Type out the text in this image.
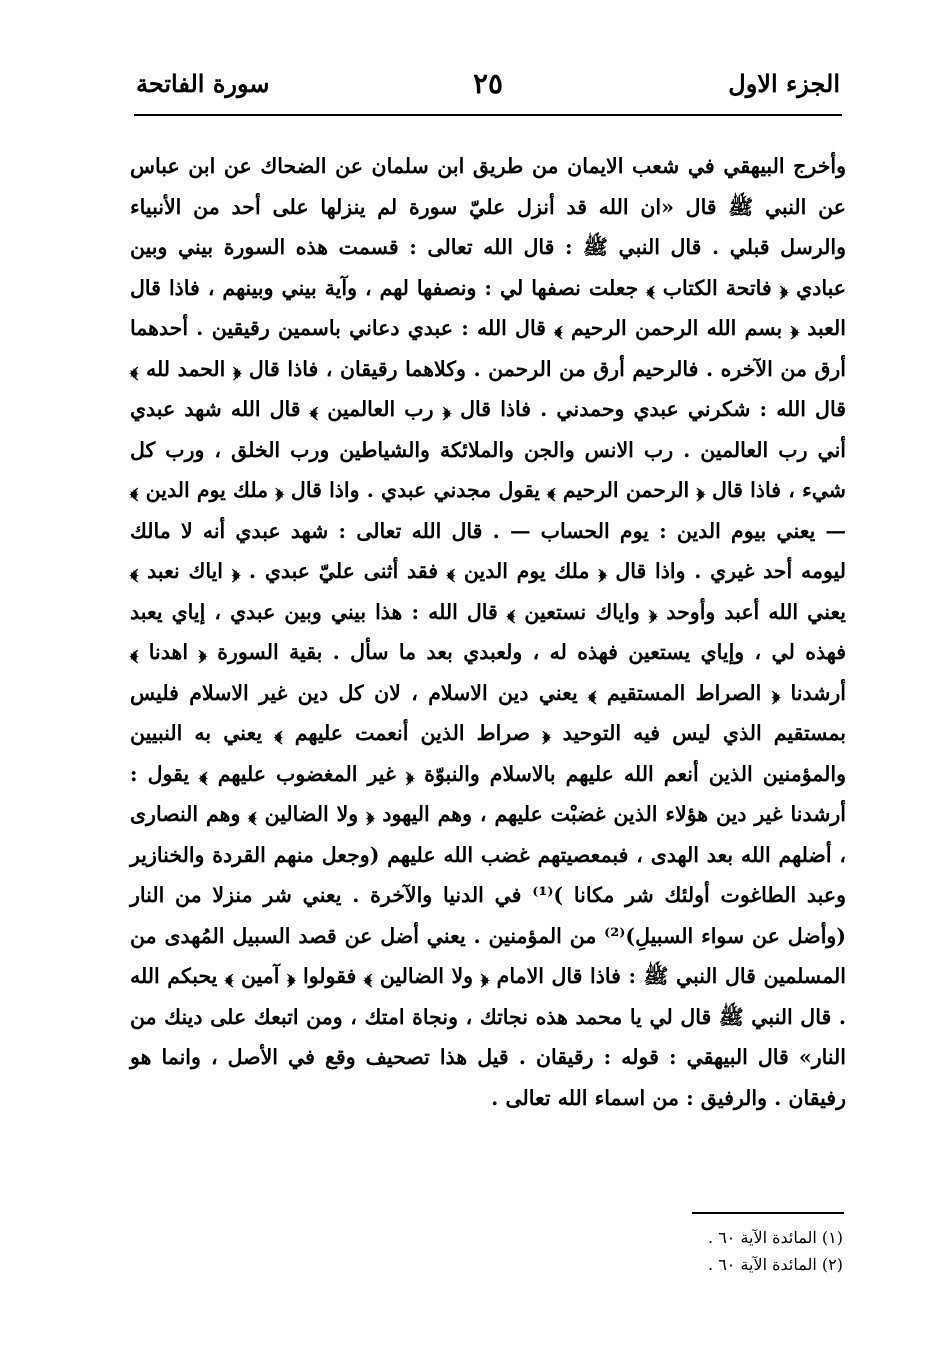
الجزء الاول
٢٥
سورة الفاتحة

وأخرج البيهقي في شعب الايمان من طريق ابن سلمان عن الضحاك عن ابن عباس عن النبي ﷺ قال «ان الله قد أنزل عليّ سورة لم ينزلها على أحد من الأنبياء والرسل قبلي . قال النبي ﷺ : قال الله تعالى : قسمت هذه السورة بيني وبين عبادي ﴿ فاتحة الكتاب ﴾ جعلت نصفها لي : ونصفها لهم ، وآية بيني وبينهم ، فاذا قال العبد ﴿ بسم الله الرحمن الرحيم ﴾ قال الله : عبدي دعاني باسمين رقيقين . أحدهما أرق من الآخره . فالرحيم أرق من الرحمن . وكلاهما رقيقان ، فاذا قال ﴿ الحمد لله ﴾ قال الله : شكرني عبدي وحمدني . فاذا قال ﴿ رب العالمين ﴾ قال الله شهد عبدي أني رب العالمين . رب الانس والجن والملائكة والشياطين ورب الخلق ، ورب كل شيء ، فاذا قال ﴿ الرحمن الرحيم ﴾ يقول مجدني عبدي . واذا قال ﴿ ملك يوم الدين ﴾ — يعني بيوم الدين : يوم الحساب — . قال الله تعالى : شهد عبدي أنه لا مالك ليومه أحد غيري . واذا قال ﴿ ملك يوم الدين ﴾ فقد أثنى عليّ عبدي . ﴿ اياك نعبد ﴾ يعني الله أعبد وأوحد ﴿ واياك نستعين ﴾ قال الله : هذا بيني وبين عبدي ، إياي يعبد فهذه لي ، وإياي يستعين فهذه له ، ولعبدي بعد ما سأل . بقية السورة ﴿ اهدنا ﴾ أرشدنا ﴿ الصراط المستقيم ﴾ يعني دين الاسلام ، لان كل دين غير الاسلام فليس بمستقيم الذي ليس فيه التوحيد ﴿ صراط الذين أنعمت عليهم ﴾ يعني به النبيين والمؤمنين الذين أنعم الله عليهم بالاسلام والنبوّة ﴿ غير المغضوب عليهم ﴾ يقول : أرشدنا غير دين هؤلاء الذين غضبْت عليهم ، وهم اليهود ﴿ ولا الضالين ﴾ وهم النصارى ، أضلهم الله بعد الهدى ، فبمعصيتهم غضب الله عليهم (وجعل منهم القردة والخنازير وعبد الطاغوت أولئك شر مكانا )⁽¹⁾ في الدنيا والآخرة . يعني شر منزلا من النار (وأضل عن سواء السبيلِ)⁽²⁾ من المؤمنين . يعني أضل عن قصد السبيل المُهدى من المسلمين قال النبي ﷺ : فاذا قال الامام ﴿ ولا الضالين ﴾ فقولوا ﴿ آمين ﴾ يحبكم الله . قال النبي ﷺ قال لي يا محمد هذه نجاتك ، ونجاة امتك ، ومن اتبعك على دينك من النار» قال البيهقي : قوله : رقيقان . قيل هذا تصحيف وقع في الأصل ، وانما هو رفيقان . والرفيق : من اسماء الله تعالى .

(١) المائدة الآية ٦٠ .
(٢) المائدة الآية ٦٠ .
